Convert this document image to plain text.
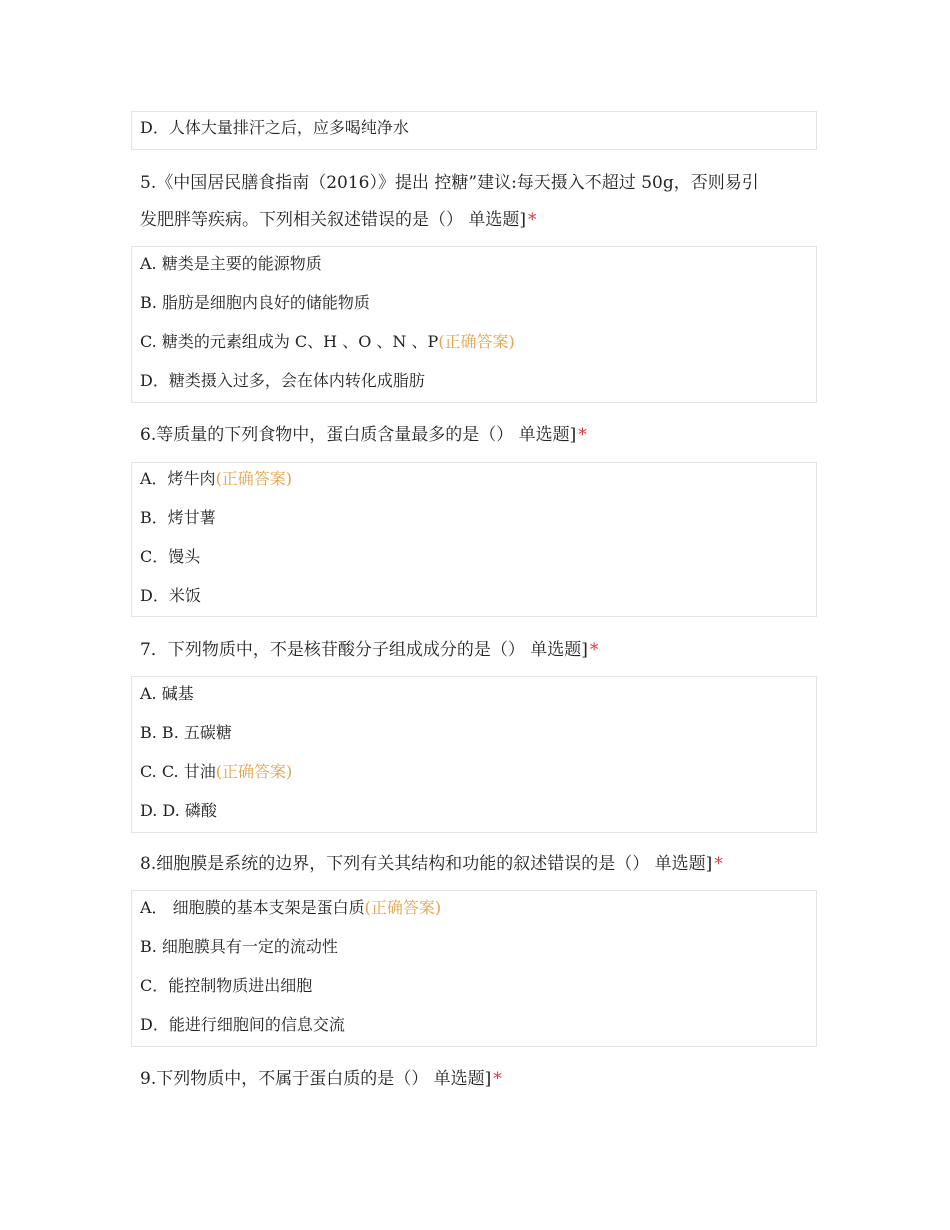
D．人体大量排汗之后，应多喝纯净水
5.《中国居民膳食指南（2016）》提出 控糖”建议:每天摄入不超过 50g，否则易引
发肥胖等疾病。下列相关叙述错误的是（） 单选题] *
A. 糖类是主要的能源物质
B. 脂肪是细胞内良好的储能物质
C. 糖类的元素组成为 C、H 、O 、N 、P(正确答案)
D．糖类摄入过多，会在体内转化成脂肪
6.等质量的下列食物中，蛋白质含量最多的是（） 单选题] *
A．烤牛肉(正确答案)
B．烤甘薯
C．馒头
D．米饭
7．下列物质中，不是核苷酸分子组成成分的是（） 单选题] *
A. 碱基
B. B. 五碳糖
C. C. 甘油(正确答案)
D. D. 磷酸
8.细胞膜是系统的边界，下列有关其结构和功能的叙述错误的是（） 单选题] *
A． 细胞膜的基本支架是蛋白质(正确答案)
B. 细胞膜具有一定的流动性
C．能控制物质进出细胞
D．能进行细胞间的信息交流
9.下列物质中，不属于蛋白质的是（） 单选题] *
